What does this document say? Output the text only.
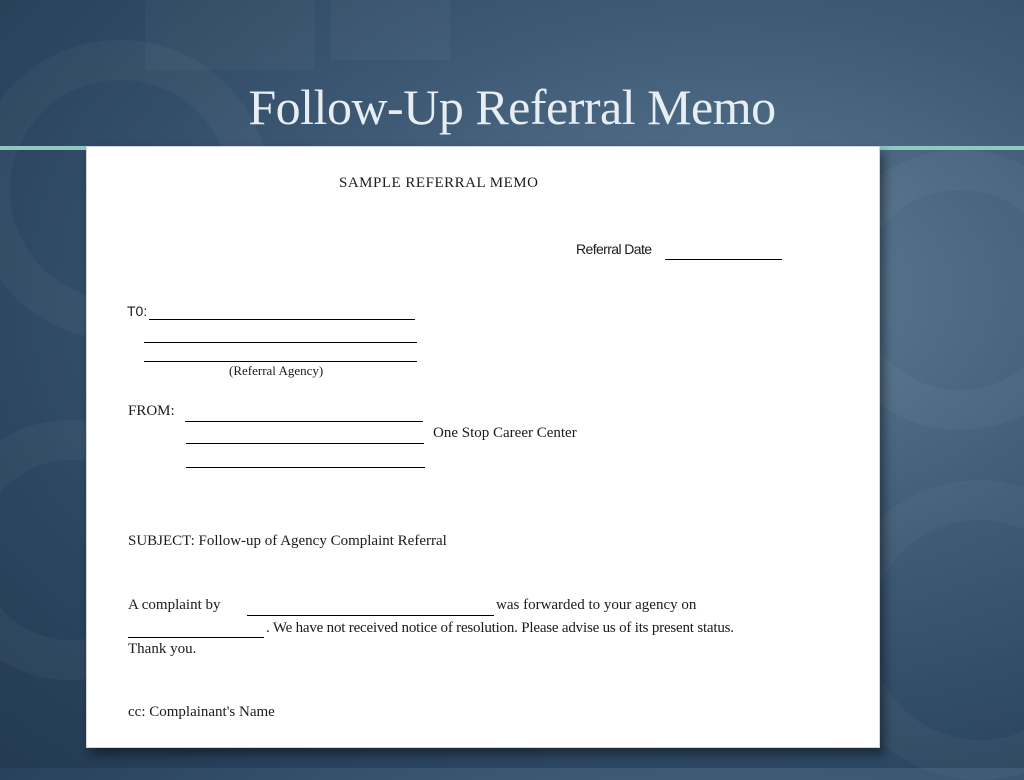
Follow-Up Referral Memo
SAMPLE REFERRAL MEMO
Referral Date
T0:
(Referral Agency)
FROM:
One Stop Career Center
SUBJECT: Follow-up of Agency Complaint Referral
A complaint by	was forwarded to your agency on
. We have not received notice of resolution. Please advise us of its present status.
Thank you.
cc: Complainant's Name
